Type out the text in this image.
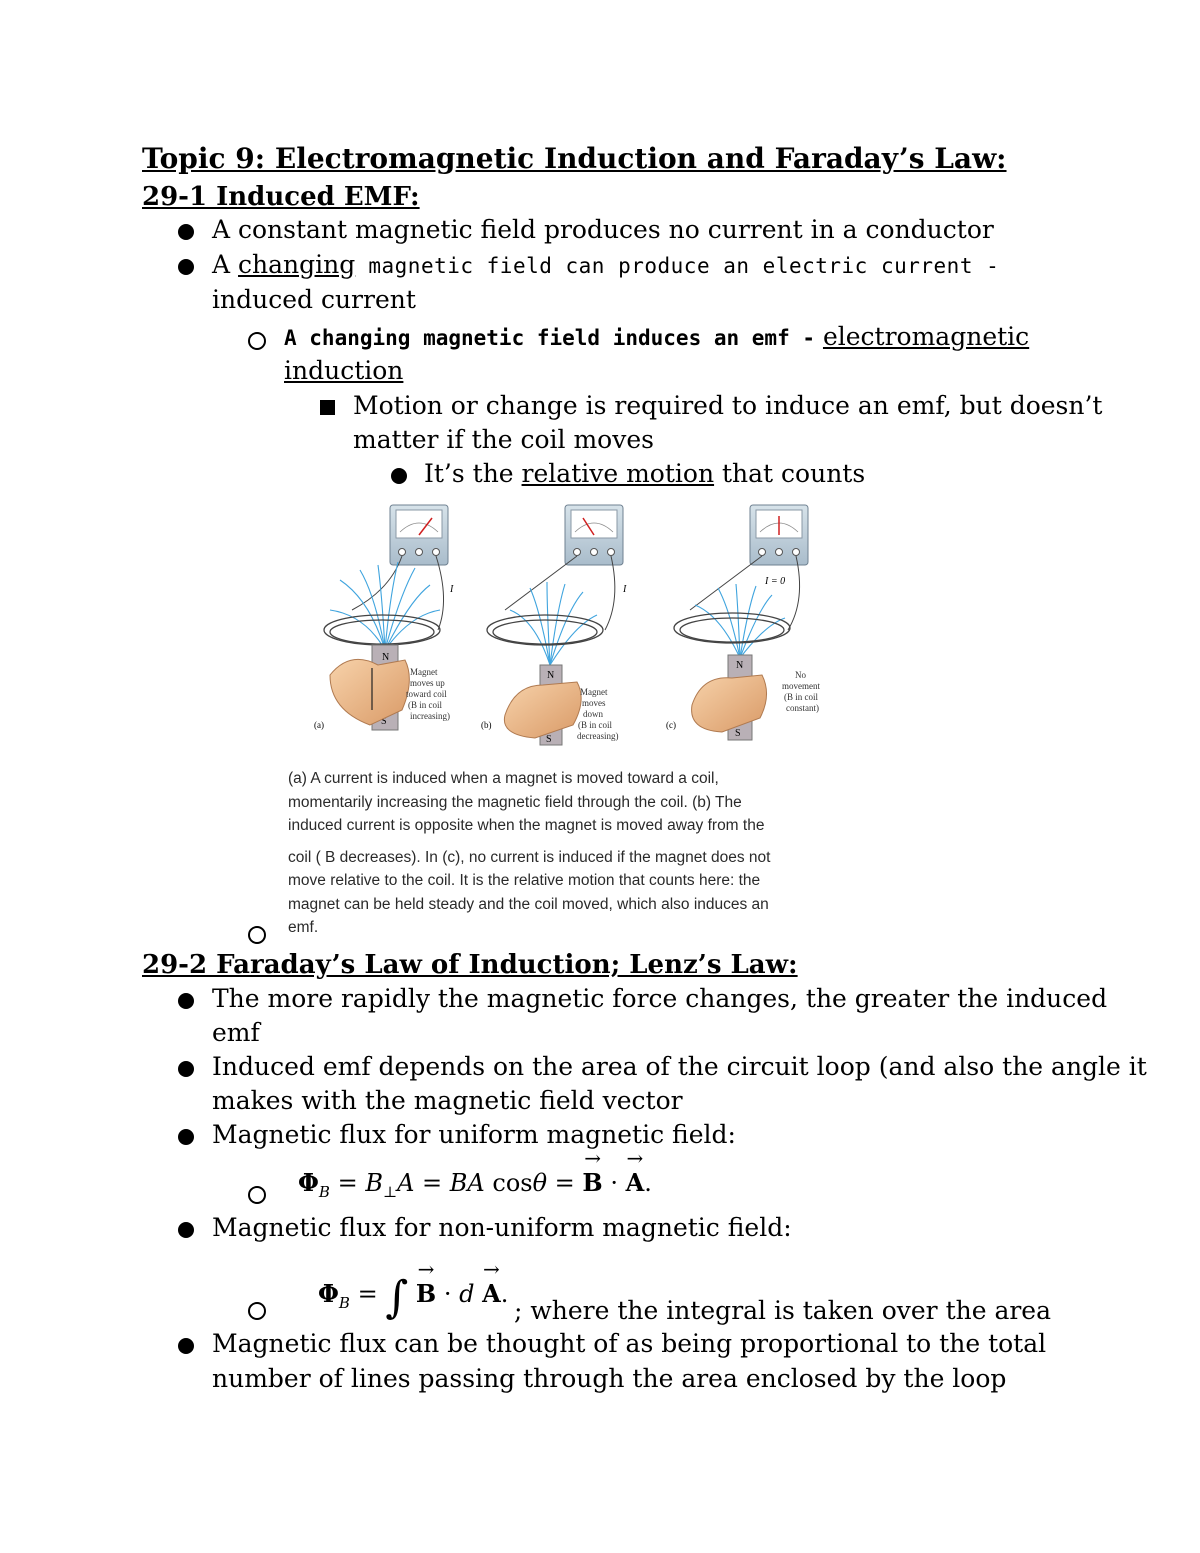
Topic 9: Electromagnetic Induction and Faraday’s Law:
29-1 Induced EMF:
A constant magnetic field produces no current in a conductor
A changing magnetic field can produce an electric current -
induced current
A changing magnetic field induces an emf - electromagnetic
induction
Motion or change is required to induce an emf, but doesn’t
matter if the coil moves
It’s the relative motion that counts
I
N
S
(a)
Magnet
moves up
toward coil
(B in coil
increasing)
I
N
S
(b)
Magnet
moves
down
(B in coil
decreasing)
I = 0
N
S
(c)
No
movement
(B in coil
constant)

(a) A current is induced when a magnet is moved toward a coil,

momentarily increasing the magnetic field through the coil. (b) The

induced current is opposite when the magnet is moved away from the

coil ( B decreases). In (c), no current is induced if the magnet does not

move relative to the coil. It is the relative motion that counts here: the

magnet can be held steady and the coil moved, which also induces an

emf.

29-2 Faraday’s Law of Induction; Lenz’s Law:
The more rapidly the magnetic force changes, the greater the induced
emf
Induced emf depends on the area of the circuit loop (and also the angle it
makes with the magnetic field vector
Magnetic flux for uniform magnetic field:
$\Phi_B = B_\perp A$ = BA cosθ = → B · → A.
Magnetic flux for non-uniform magnetic field:
$\Phi_B$ = ∫ → B · d → A.
; where the integral is taken over the area
Magnetic flux can be thought of as being proportional to the total
number of lines passing through the area enclosed by the loop
